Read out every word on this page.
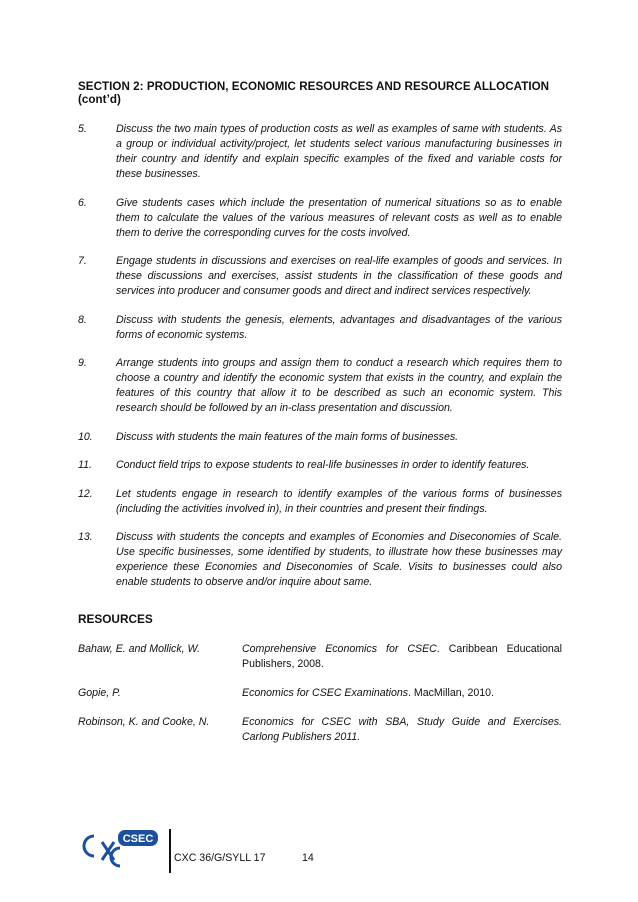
SECTION 2: PRODUCTION, ECONOMIC RESOURCES AND RESOURCE ALLOCATION (cont’d)
5.	Discuss the two main types of production costs as well as examples of same with students. As a group or individual activity/project, let students select various manufacturing businesses in their country and identify and explain specific examples of the fixed and variable costs for these businesses.
6.	Give students cases which include the presentation of numerical situations so as to enable them to calculate the values of the various measures of relevant costs as well as to enable them to derive the corresponding curves for the costs involved.
7.	Engage students in discussions and exercises on real-life examples of goods and services. In these discussions and exercises, assist students in the classification of these goods and services into producer and consumer goods and direct and indirect services respectively.
8.	Discuss with students the genesis, elements, advantages and disadvantages of the various forms of economic systems.
9.	Arrange students into groups and assign them to conduct a research which requires them to choose a country and identify the economic system that exists in the country, and explain the features of this country that allow it to be described as such an economic system. This research should be followed by an in-class presentation and discussion.
10.	Discuss with students the main features of the main forms of businesses.
11.	Conduct field trips to expose students to real-life businesses in order to identify features.
12.	Let students engage in research to identify examples of the various forms of businesses (including the activities involved in), in their countries and present their findings.
13.	Discuss with students the concepts and examples of Economies and Diseconomies of Scale. Use specific businesses, some identified by students, to illustrate how these businesses may experience these Economies and Diseconomies of Scale. Visits to businesses could also enable students to observe and/or inquire about same.
RESOURCES
Bahaw, E. and Mollick, W.	Comprehensive Economics for CSEC. Caribbean Educational Publishers, 2008.
Gopie, P.	Economics for CSEC Examinations. MacMillan, 2010.
Robinson, K. and Cooke, N.	Economics for CSEC with SBA, Study Guide and Exercises. Carlong Publishers 2011.
CSEC
CXC 36/G/SYLL 17	14
